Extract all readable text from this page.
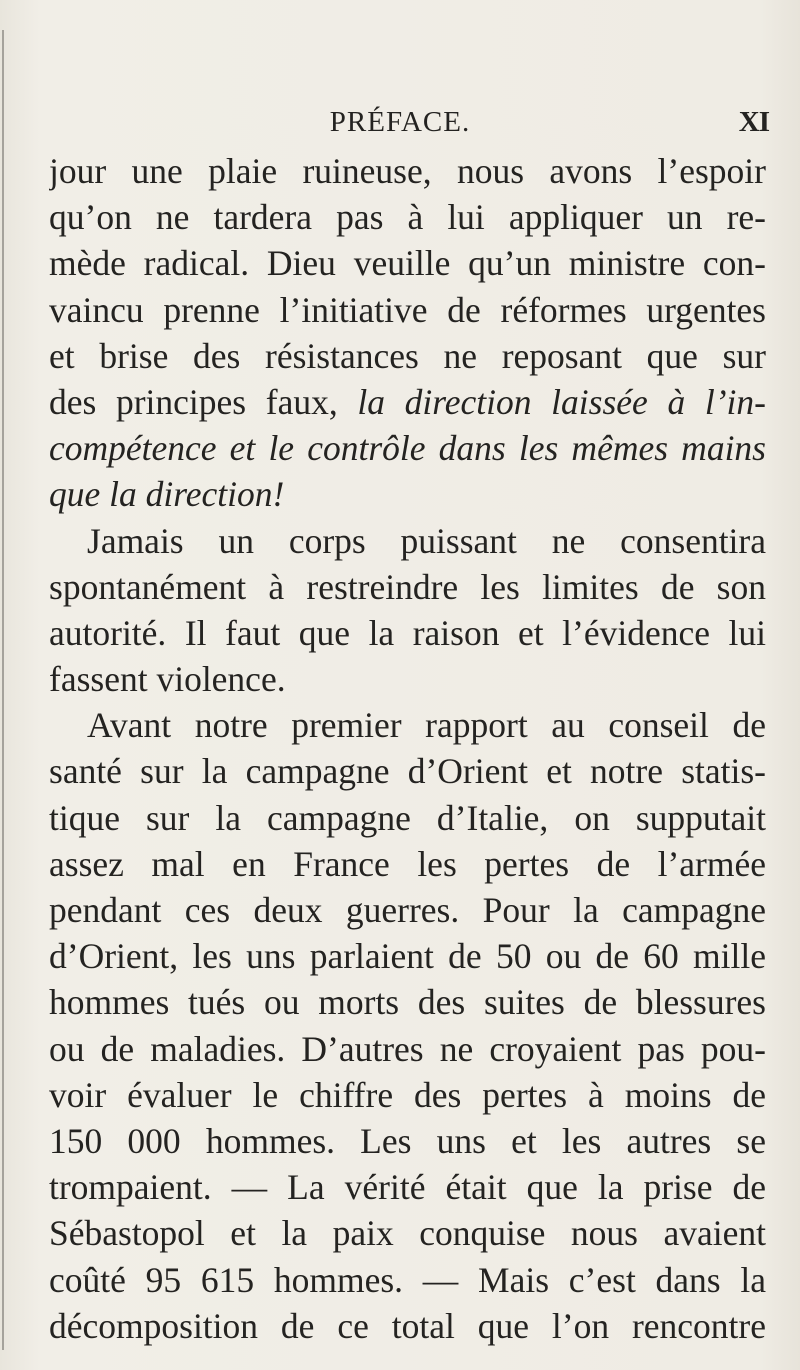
PRÉFACE.	XI
jour une plaie ruineuse, nous avons l’espoir
qu’on ne tardera pas à lui appliquer un re-
mède radical. Dieu veuille qu’un ministre con-
vaincu prenne l’initiative de réformes urgentes
et brise des résistances ne reposant que sur
des principes faux, la direction laissée à l’in-
compétence et le contrôle dans les mêmes mains
que la direction!
Jamais un corps puissant ne consentira
spontanément à restreindre les limites de son
autorité. Il faut que la raison et l’évidence lui
fassent violence.
Avant notre premier rapport au conseil de
santé sur la campagne d’Orient et notre statis-
tique sur la campagne d’Italie, on supputait
assez mal en France les pertes de l’armée
pendant ces deux guerres. Pour la campagne
d’Orient, les uns parlaient de 50 ou de 60 mille
hommes tués ou morts des suites de blessures
ou de maladies. D’autres ne croyaient pas pou-
voir évaluer le chiffre des pertes à moins de
150 000 hommes. Les uns et les autres se
trompaient. — La vérité était que la prise de
Sébastopol et la paix conquise nous avaient
coûté 95 615 hommes. — Mais c’est dans la
décomposition de ce total que l’on rencontre
